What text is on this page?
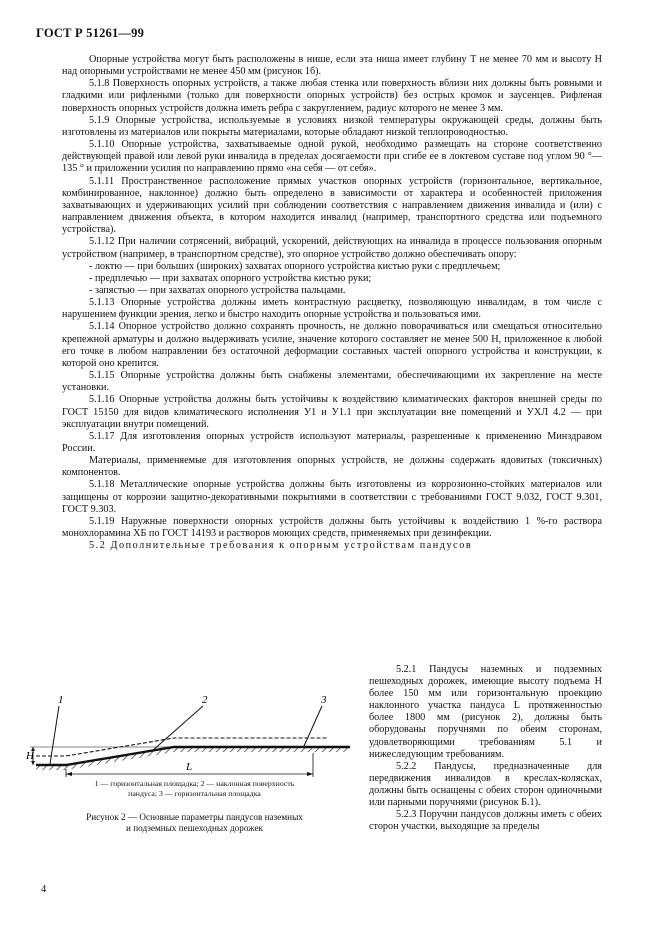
ГОСТ Р 51261—99

Опорные устройства могут быть расположены в нише, если эта ниша имеет глубину T не менее 70 мм и высоту H над опорными устройствами не менее 450 мм (рисунок 1б).

5.1.8 Поверхность опорных устройств, а также любая стенка или поверхность вблизи них должны быть ровными и гладкими или рифлеными (только для поверхности опорных устройств) без острых кромок и заусенцев. Рифленая поверхность опорных устройств должна иметь ребра с закруглением, радиус которого не менее 3 мм.

5.1.9 Опорные устройства, используемые в условиях низкой температуры окружающей среды, должны быть изготовлены из материалов или покрыты материалами, которые обладают низкой теплопроводностью.

5.1.10 Опорные устройства, захватываемые одной рукой, необходимо размещать на стороне соответственно действующей правой или левой руки инвалида в пределах досягаемости при сгибе ее в локтевом суставе под углом 90 °—135 ° и приложении усилия по направлению прямо «на себя — от себя».

5.1.11 Пространственное расположение прямых участков опорных устройств (горизонтальное, вертикальное, комбинированное, наклонное) должно быть определено в зависимости от характера и особенностей приложения захватывающих и удерживающих усилий при соблюдении соответствия с направлением движения инвалида и (или) с направлением движения объекта, в котором находится инвалид (например, транспортного средства или подъемного устройства).

5.1.12 При наличии сотрясений, вибраций, ускорений, действующих на инвалида в процессе пользования опорным устройством (например, в транспортном средстве), это опорное устройство должно обеспечивать опору:

- локтю — при больших (широких) захватах опорного устройства кистью руки с предплечьем;

- предплечью — при захватах опорного устройства кистью руки;

- запястью — при захватах опорного устройства пальцами.

5.1.13 Опорные устройства должны иметь контрастную расцветку, позволяющую инвалидам, в том числе с нарушением функции зрения, легко и быстро находить опорные устройства и пользоваться ими.

5.1.14 Опорное устройство должно сохранять прочность, не должно поворачиваться или смещаться относительно крепежной арматуры и должно выдерживать усилие, значение которого составляет не менее 500 Н, приложенное к любой его точке в любом направлении без остаточной деформации составных частей опорного устройства и конструкции, к которой оно крепится.

5.1.15 Опорные устройства должны быть снабжены элементами, обеспечивающими их закрепление на месте установки.

5.1.16 Опорные устройства должны быть устойчивы к воздействию климатических факторов внешней среды по ГОСТ 15150 для видов климатического исполнения У1 и У1.1 при эксплуатации вне помещений и УХЛ 4.2 — при эксплуатации внутри помещений.

5.1.17 Для изготовления опорных устройств используют материалы, разрешенные к применению Минздравом России.

Материалы, применяемые для изготовления опорных устройств, не должны содержать ядовитых (токсичных) компонентов.

5.1.18 Металлические опорные устройства должны быть изготовлены из коррозионно-стойких материалов или защищены от коррозии защитно-декоративными покрытиями в соответствии с требованиями ГОСТ 9.032, ГОСТ 9.301, ГОСТ 9.303.

5.1.19 Наружные поверхности опорных устройств должны быть устойчивы к воздействию 1 %-го раствора монохлорамина ХБ по ГОСТ 14193 и растворов моющих средств, применяемых при дезинфекции.

5.2 Дополнительные требования к опорным устройствам пандусов

1	2	3
H
L
1 — горизонтальная площадка; 2 — наклонная поверхность
пандуса; 3 — горизонтальная площадка
Рисунок 2 — Основные параметры пандусов наземных
и подземных пешеходных дорожек

5.2.1 Пандусы наземных и подземных пешеходных дорожек, имеющие высоту подъема H более 150 мм или горизонтальную проекцию наклонного участка пандуса L протяженностью более 1800 мм (рисунок 2), должны быть оборудованы поручнями по обеим сторонам, удовлетворяющими требованиям 5.1 и нижеследующим требованиям.

5.2.2 Пандусы, предназначенные для передвижения инвалидов в креслах-колясках, должны быть оснащены с обеих сторон одиночными или парными поручнями (рисунок Б.1).

5.2.3 Поручни пандусов должны иметь с обеих сторон участки, выходящие за пределы

4
